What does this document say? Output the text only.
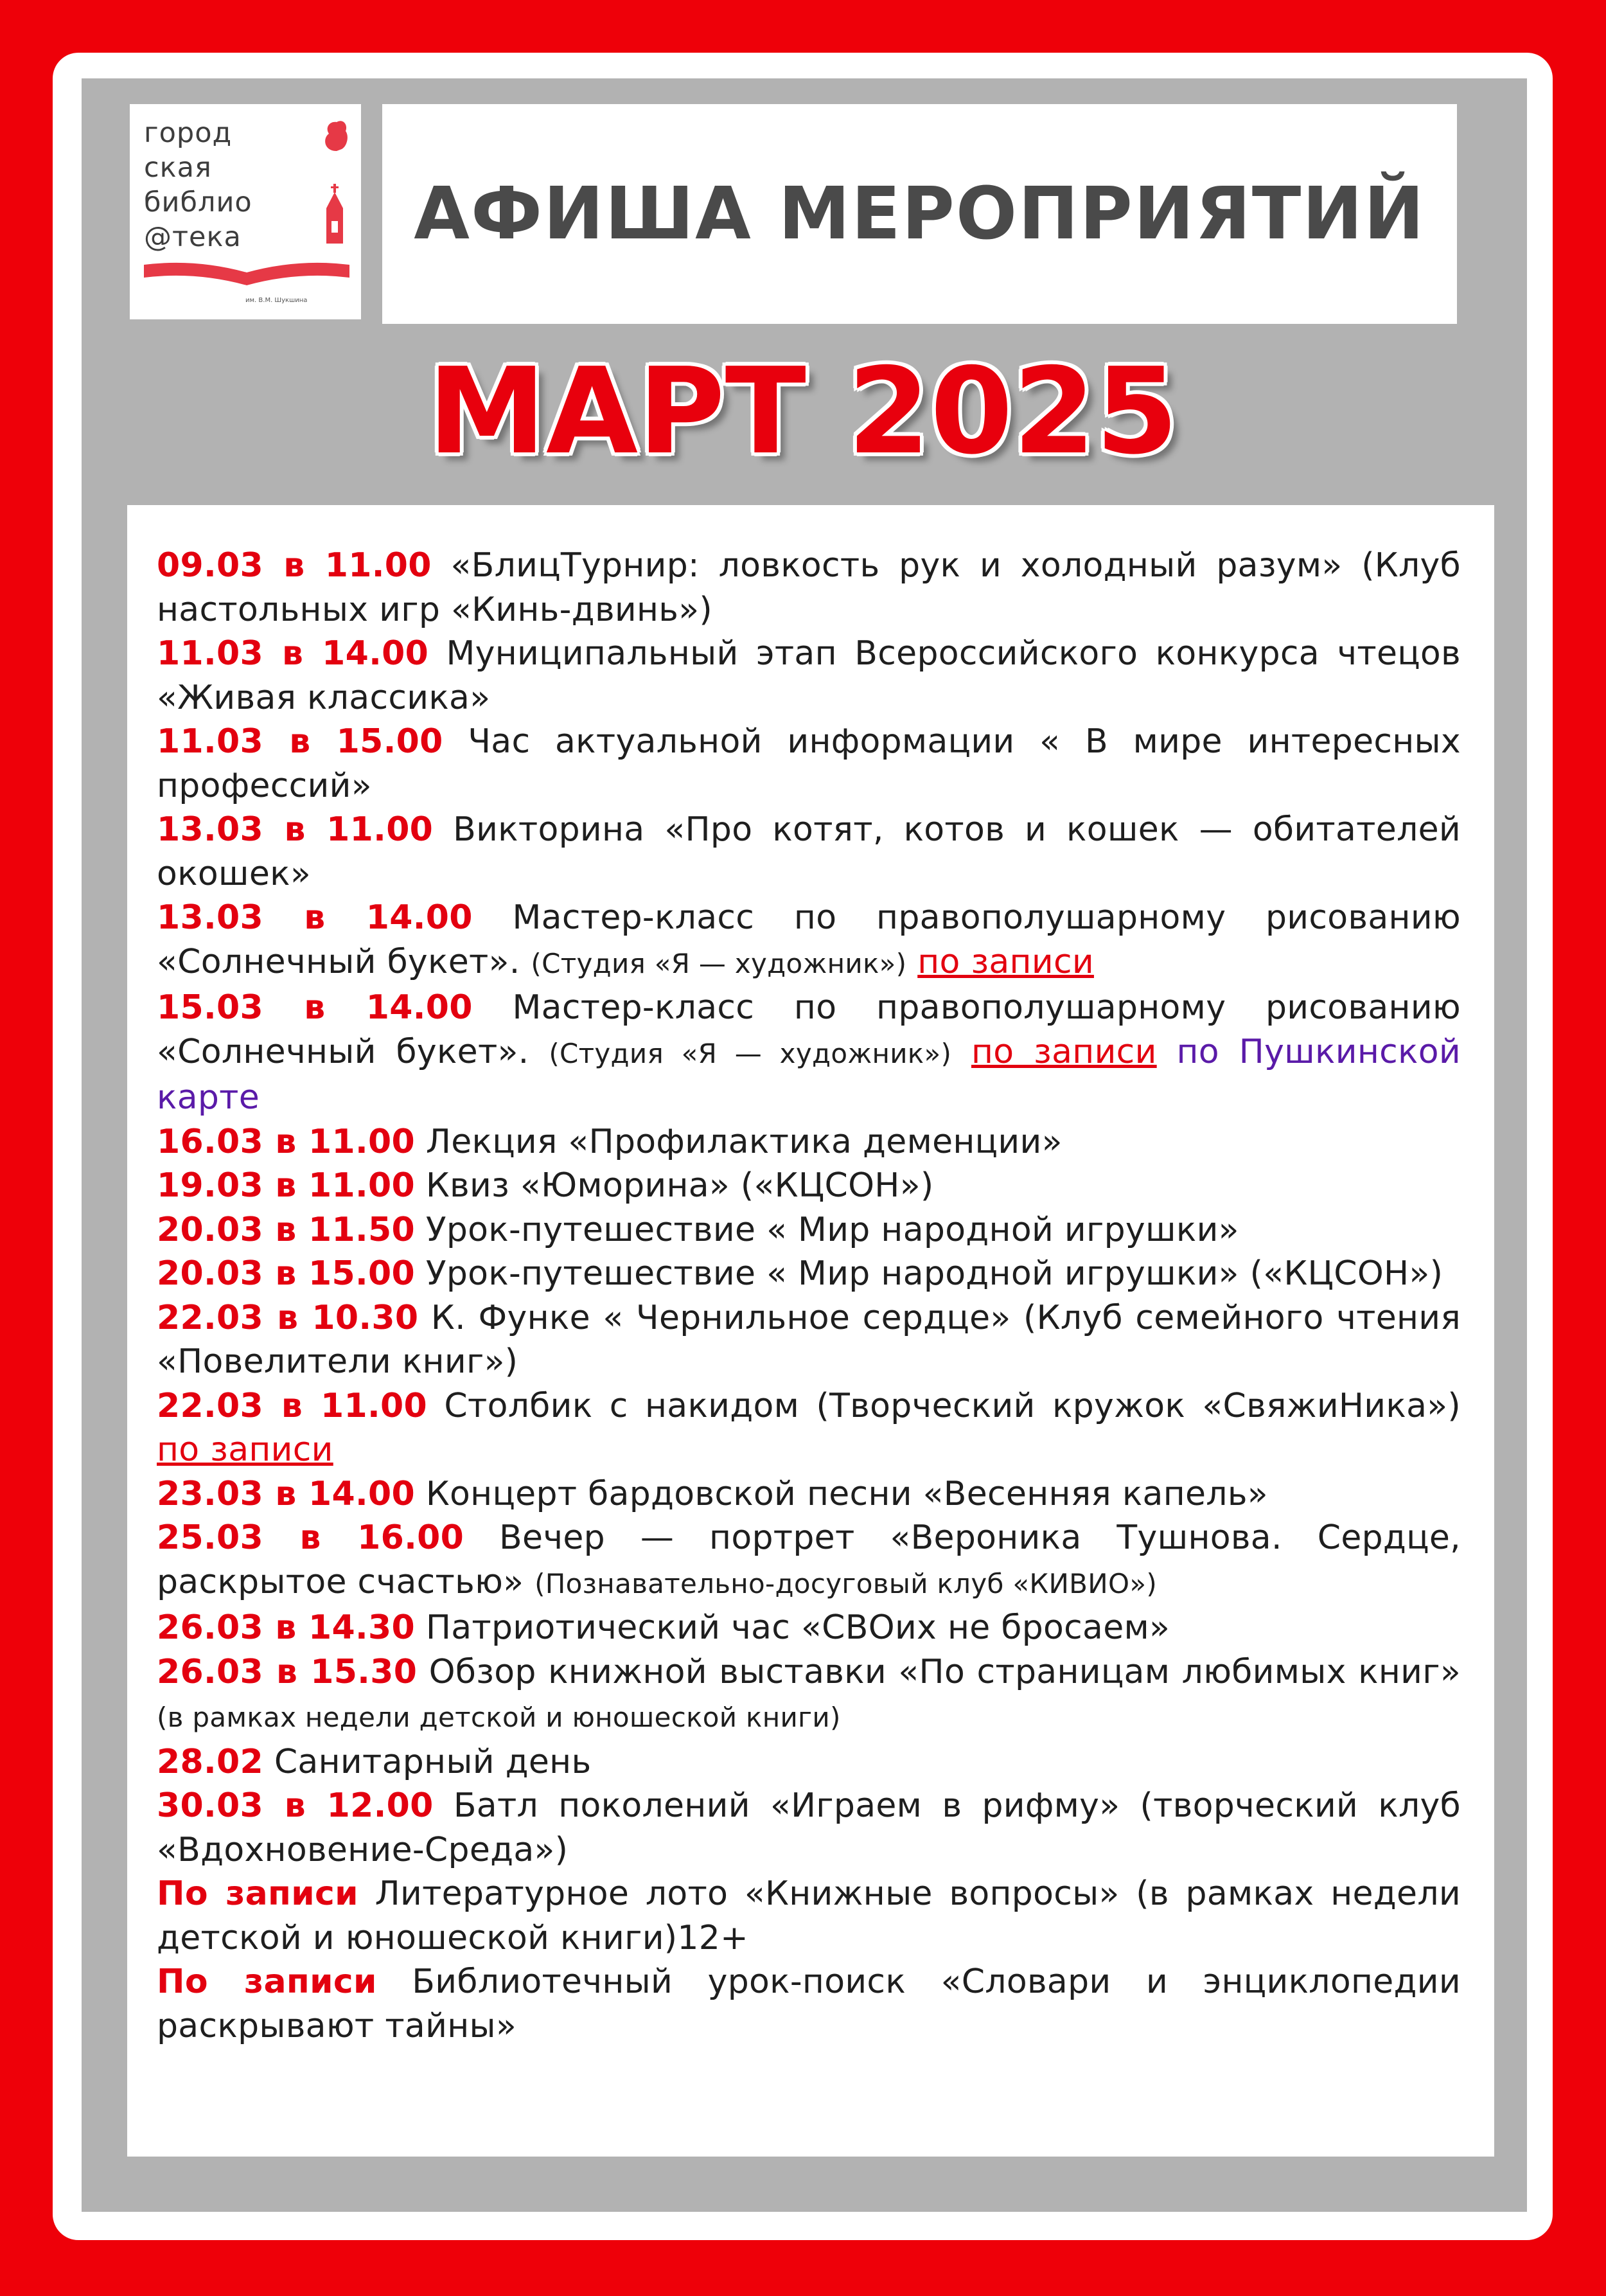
город
ская
библио
@тека
им. В.М. Шукшина
АФИША МЕРОПРИЯТИЙ
МАРТ 2025

09.03 в 11.00 «БлицТурнир: ловкость рук и холодный разум» (Клуб настольных игр «Кинь-двинь»)

11.03 в 14.00 Муниципальный этап Всероссийского конкурса чтецов «Живая классика»

11.03 в 15.00 Час актуальной информации « В мире интересных профессий»

13.03 в 11.00 Викторина «Про котят, котов и кошек — обитателей окошек»

13.03 в 14.00 Мастер-класс по правополушарному рисованию «Солнечный букет». (Студия «Я — художник») по записи

15.03 в 14.00 Мастер-класс по правополушарному рисованию «Солнечный букет». (Студия «Я — художник») по записи по Пушкинской карте

16.03 в 11.00 Лекция «Профилактика деменции»

19.03 в 11.00 Квиз «Юморина» («КЦСОН»)

20.03 в 11.50 Урок-путешествие « Мир народной игрушки»

20.03 в 15.00 Урок-путешествие « Мир народной игрушки» («КЦСОН»)

22.03 в 10.30 К. Функе « Чернильное сердце» (Клуб семейного чтения «Повелители книг»)

22.03 в 11.00 Столбик с накидом (Творческий кружок «СвяжиНика») по записи

23.03 в 14.00 Концерт бардовской песни «Весенняя капель»

25.03 в 16.00 Вечер — портрет «Вероника Тушнова. Сердце, раскрытое счастью» (Познавательно-досуговый клуб «КИВИО»)

26.03 в 14.30 Патриотический час «СВОих не бросаем»

26.03 в 15.30 Обзор книжной выставки «По страницам любимых книг» (в рамках недели детской и юношеской книги)

28.02 Санитарный день

30.03 в 12.00 Батл поколений «Играем в рифму» (творческий клуб «Вдохновение-Среда»)

По записи Литературное лото «Книжные вопросы» (в рамках недели детской и юношеской книги)12+

По записи Библиотечный урок-поиск «Словари и энциклопедии раскрывают тайны»
